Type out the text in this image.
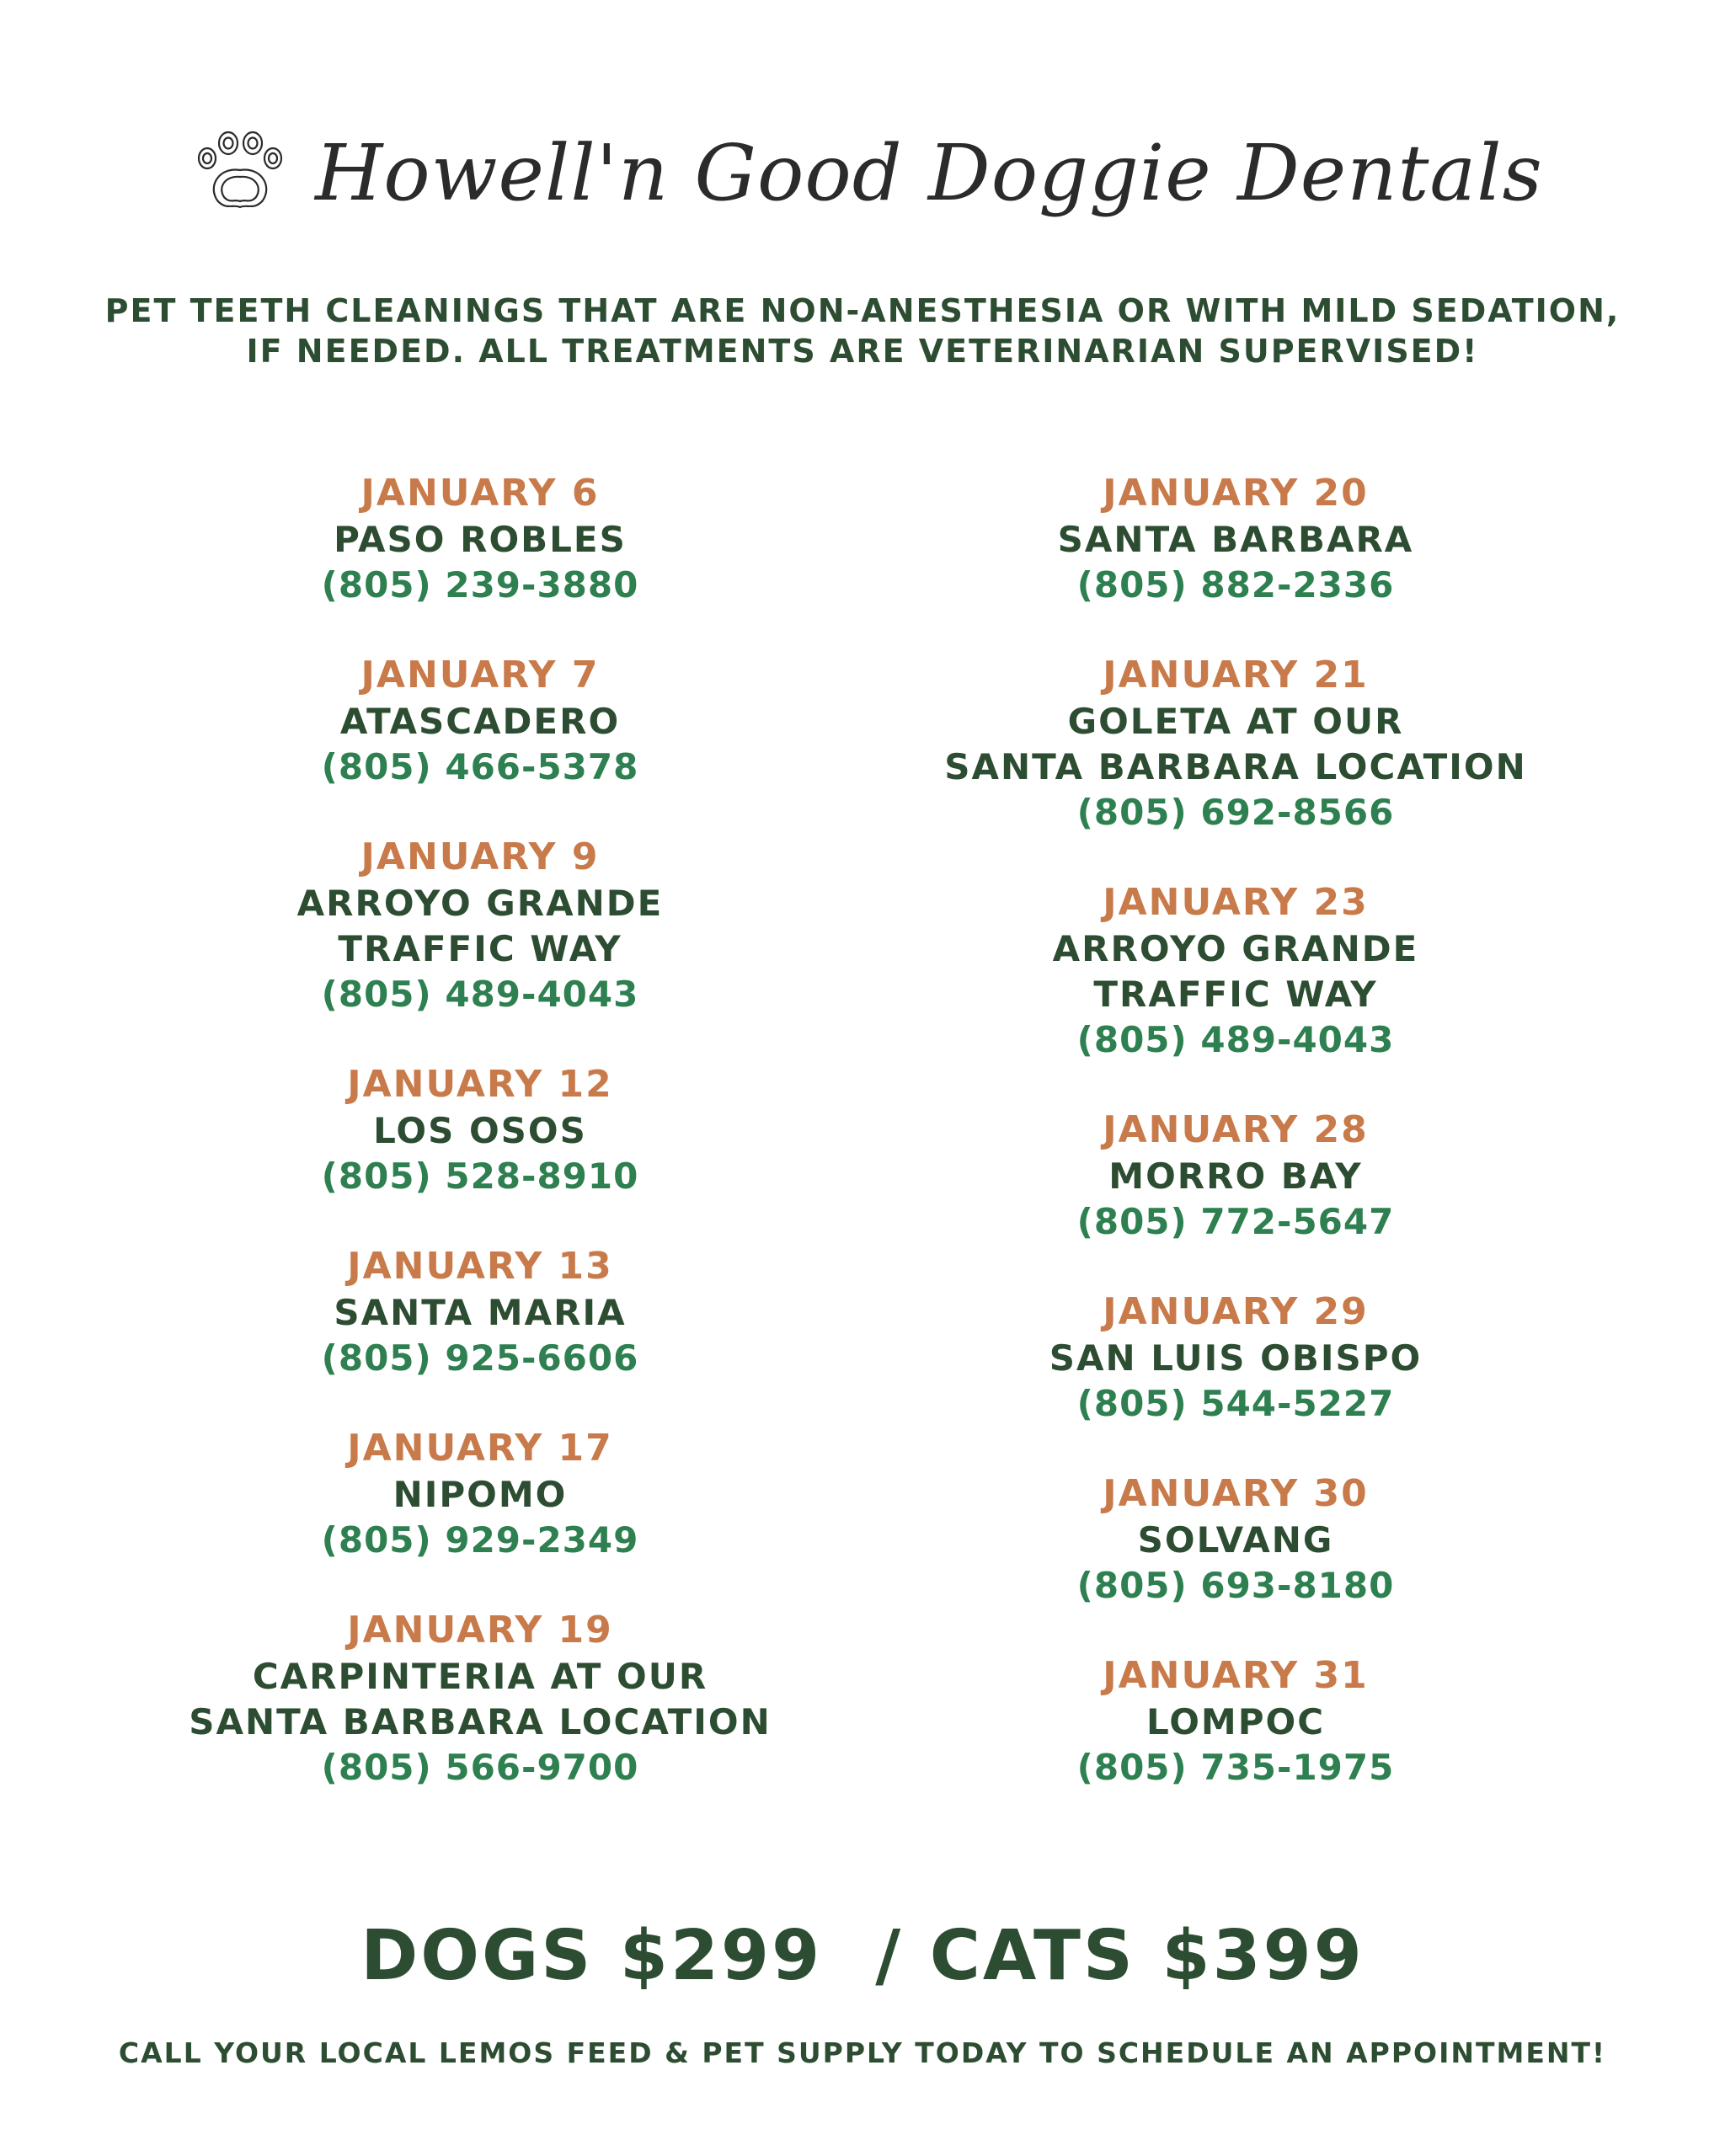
Howell'n Good Doggie Dentals
PET TEETH CLEANINGS THAT ARE NON-ANESTHESIA OR WITH MILD SEDATION,
IF NEEDED. ALL TREATMENTS ARE VETERINARIAN SUPERVISED!
JANUARY 6
PASO ROBLES
(805) 239-3880
JANUARY 7
ATASCADERO
(805) 466-5378
JANUARY 9
ARROYO GRANDE
TRAFFIC WAY
(805) 489-4043
JANUARY 12
LOS OSOS
(805) 528-8910
JANUARY 13
SANTA MARIA
(805) 925-6606
JANUARY 17
NIPOMO
(805) 929-2349
JANUARY 19
CARPINTERIA AT OUR
SANTA BARBARA LOCATION
(805) 566-9700
JANUARY 20
SANTA BARBARA
(805) 882-2336
JANUARY 21
GOLETA AT OUR
SANTA BARBARA LOCATION
(805) 692-8566
JANUARY 23
ARROYO GRANDE
TRAFFIC WAY
(805) 489-4043
JANUARY 28
MORRO BAY
(805) 772-5647
JANUARY 29
SAN LUIS OBISPO
(805) 544-5227
JANUARY 30
SOLVANG
(805) 693-8180
JANUARY 31
LOMPOC
(805) 735-1975
DOGS $299  / CATS $399
CALL YOUR LOCAL LEMOS FEED & PET SUPPLY TODAY TO SCHEDULE AN APPOINTMENT!
